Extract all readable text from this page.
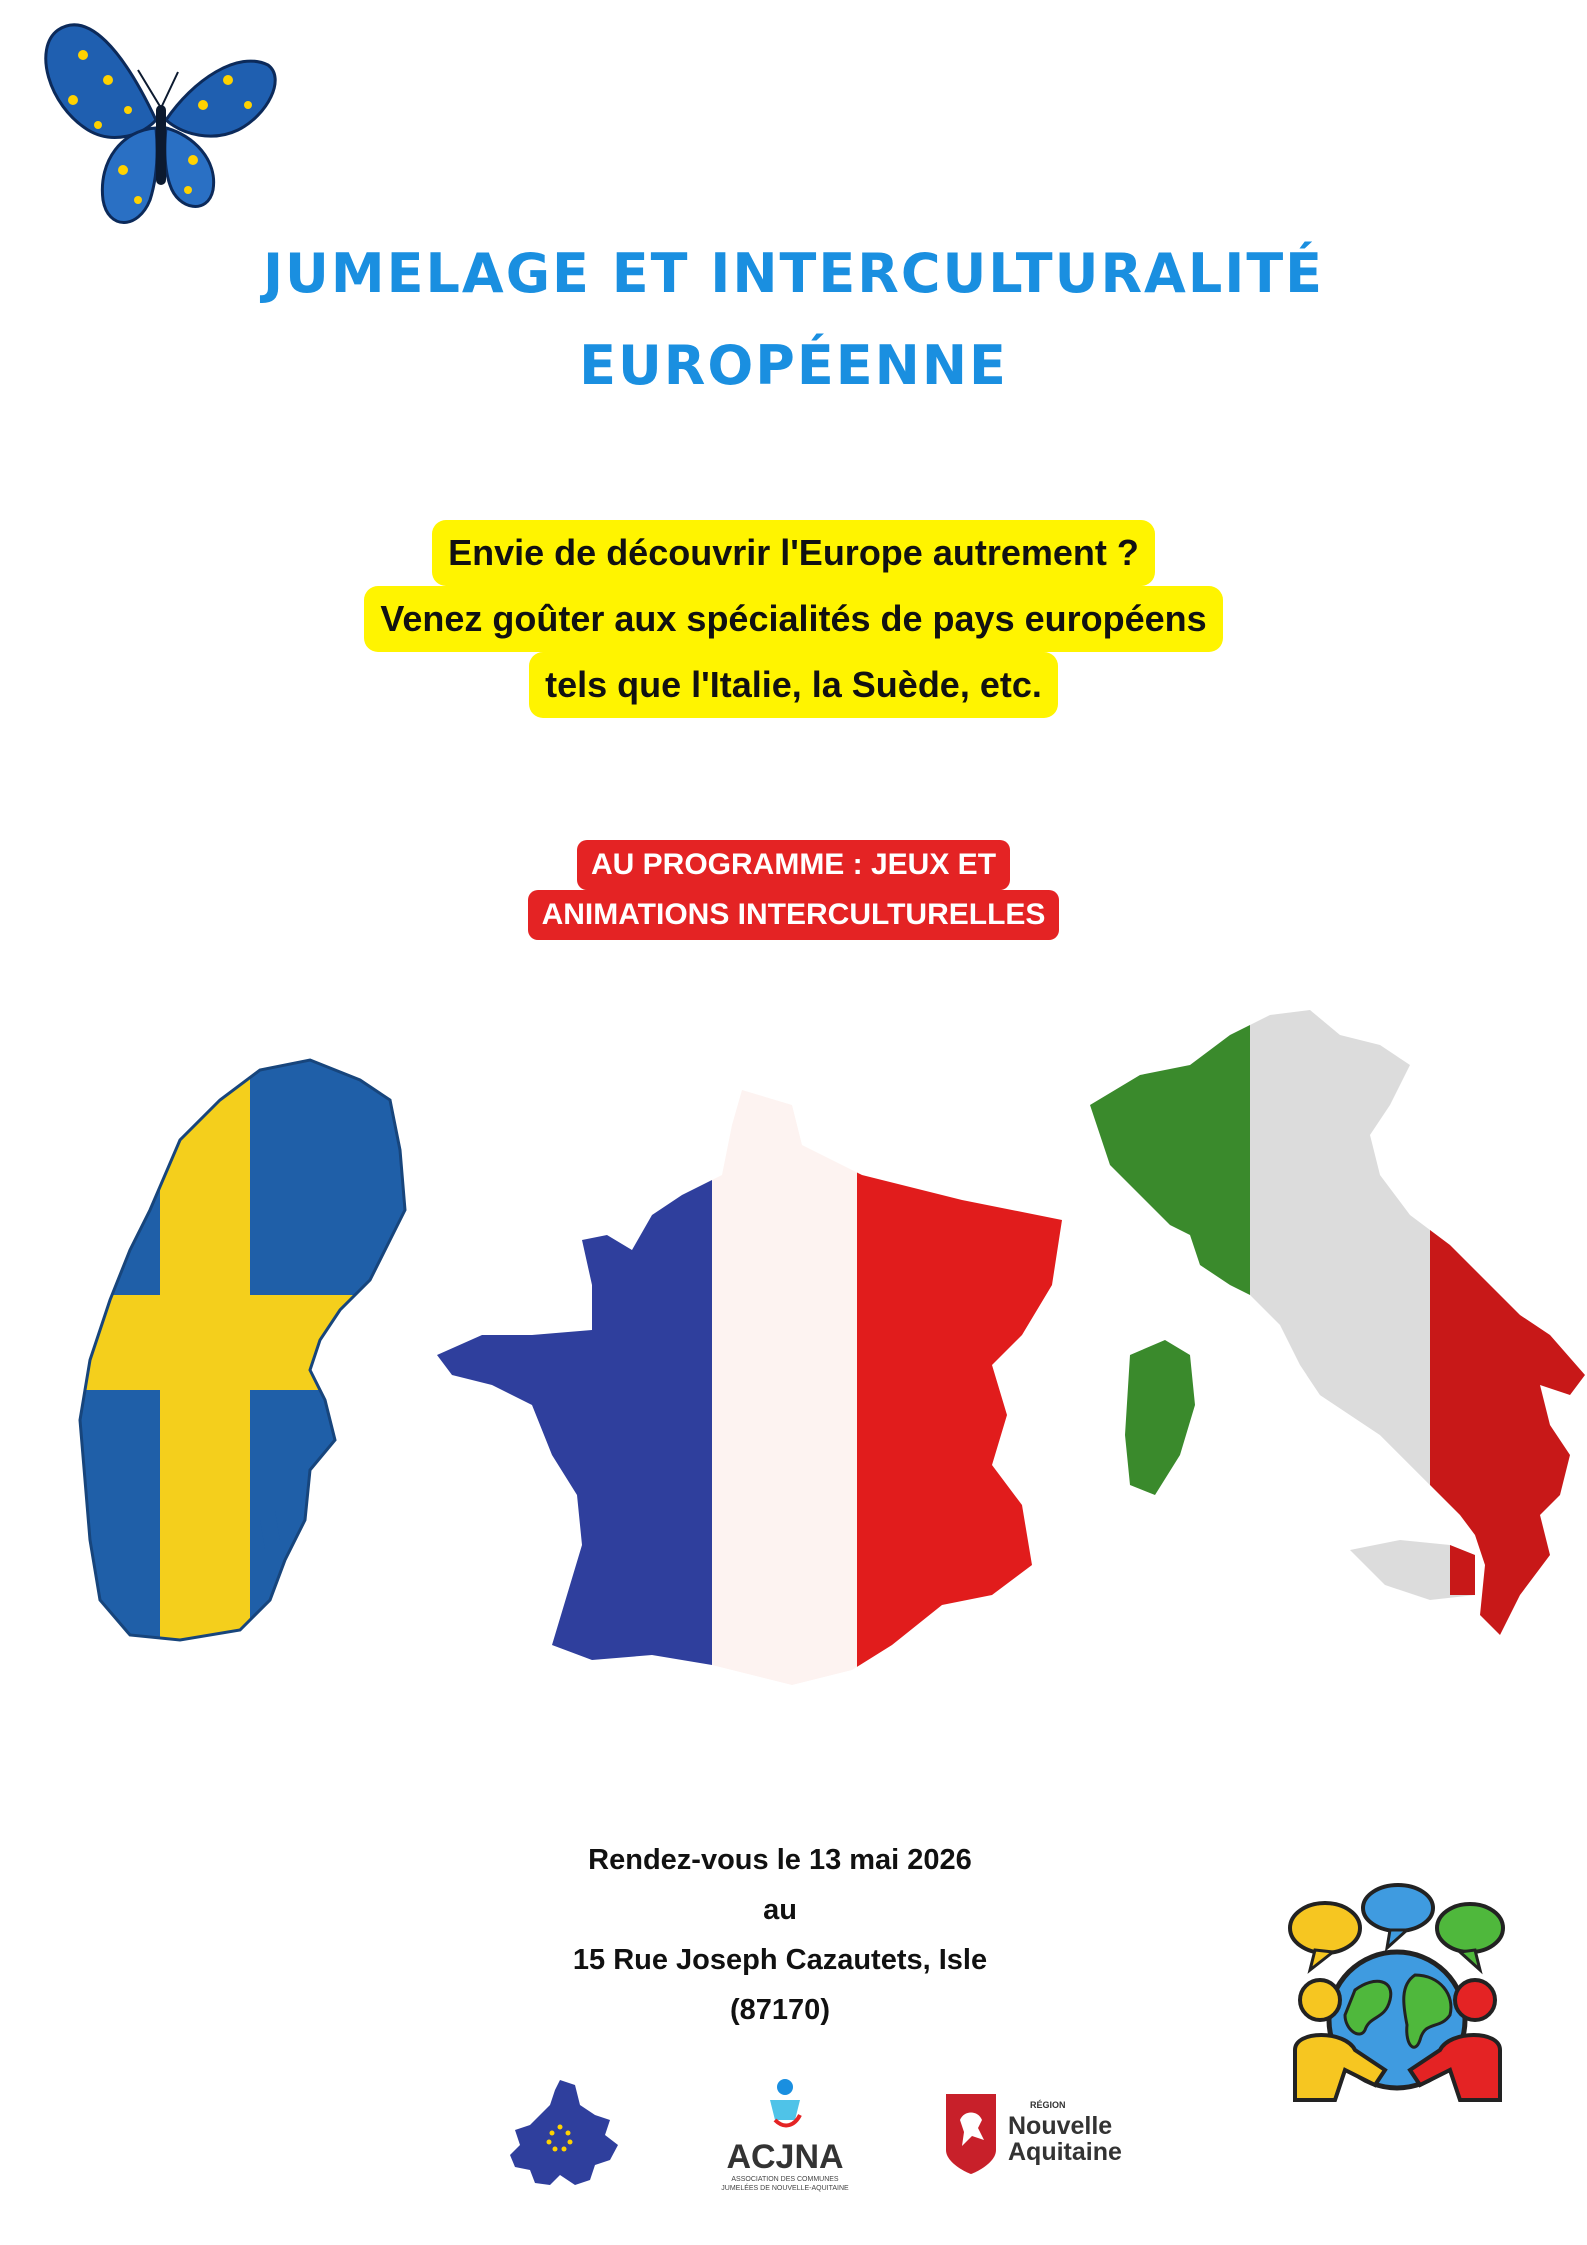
JUMELAGE ET INTERCULTURALITÉ
EUROPÉENNE
Envie de découvrir l'Europe autrement ?
Venez goûter aux spécialités de pays européens
tels que l'Italie, la Suède, etc.
AU PROGRAMME : JEUX ET
ANIMATIONS INTERCULTURELLES
Rendez-vous le 13 mai 2026
au
15 Rue Joseph Cazautets, Isle
(87170)
ACJNA
ASSOCIATION DES COMMUNES
JUMELÉES DE NOUVELLE-AQUITAINE
RÉGION
Nouvelle
Aquitaine
